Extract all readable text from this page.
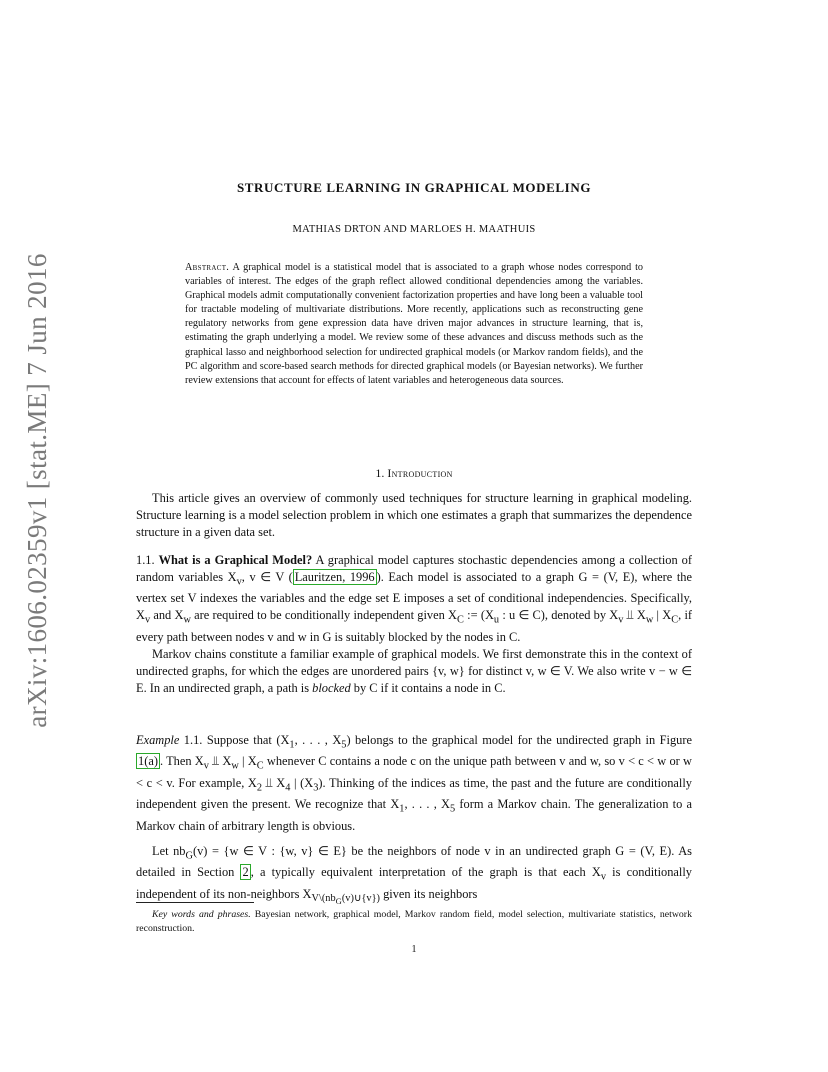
arXiv:1606.02359v1 [stat.ME] 7 Jun 2016
STRUCTURE LEARNING IN GRAPHICAL MODELING
MATHIAS DRTON AND MARLOES H. MAATHUIS
Abstract. A graphical model is a statistical model that is associated to a graph whose nodes correspond to variables of interest. The edges of the graph reflect allowed conditional dependencies among the variables. Graphical models admit computationally convenient factorization properties and have long been a valuable tool for tractable modeling of multivariate distributions. More recently, applications such as reconstructing gene regulatory networks from gene expression data have driven major advances in structure learning, that is, estimating the graph underlying a model. We review some of these advances and discuss methods such as the graphical lasso and neighborhood selection for undirected graphical models (or Markov random fields), and the PC algorithm and score-based search methods for directed graphical models (or Bayesian networks). We further review extensions that account for effects of latent variables and heterogeneous data sources.
1. Introduction

This article gives an overview of commonly used techniques for structure learning in graphical modeling. Structure learning is a model selection problem in which one estimates a graph that summarizes the dependence structure in a given data set.

1.1. What is a Graphical Model? A graphical model captures stochastic dependencies among a collection of random variables $X_v$, v ∈ V ( Lauritzen, 1996 ). Each model is associated to a graph G = (V, E), where the vertex set V indexes the variables and the edge set E imposes a set of conditional independencies. Specifically, $X_v$ and $X_w$ are required to be conditionally independent given $X_C$ := ($X_u$ : u ∈ C), denoted by $X_v$ ⫫ $X_w$ | $X_C$, if every path between nodes v and w in G is suitably blocked by the nodes in C.

Markov chains constitute a familiar example of graphical models. We first demonstrate this in the context of undirected graphs, for which the edges are unordered pairs {v, w} for distinct v, w ∈ V. We also write v − w ∈ E. In an undirected graph, a path is blocked by C if it contains a node in C.

Example 1.1. Suppose that ($X_1$, . . . , $X_5$) belongs to the graphical model for the undirected graph in Figure 1(a) . Then $X_v$ ⫫ $X_w$ | $X_C$ whenever C contains a node c on the unique path between v and w, so v < c < w or w < c < v. For example, $X_2$ ⫫ $X_4$ | $(X_3)$. Thinking of the indices as time, the past and the future are conditionally independent given the present. We recognize that $X_1$, . . . , $X_5$ form a Markov chain. The generalization to a Markov chain of arbitrary length is obvious.

Let $nb_G(v) = \{w$ ∈ V : {w, v} ∈ E} be the neighbors of node v in an undirected graph G = (V, E). As detailed in Section 2 , a typically equivalent interpretation of the graph is that each $X_v$ is conditionally independent of its non-neighbors $X_{V\backslash(nb_G(v)\cup\{v\})}$ given its neighbors

Key words and phrases. Bayesian network, graphical model, Markov random field, model selection, multivariate statistics, network reconstruction.
1
